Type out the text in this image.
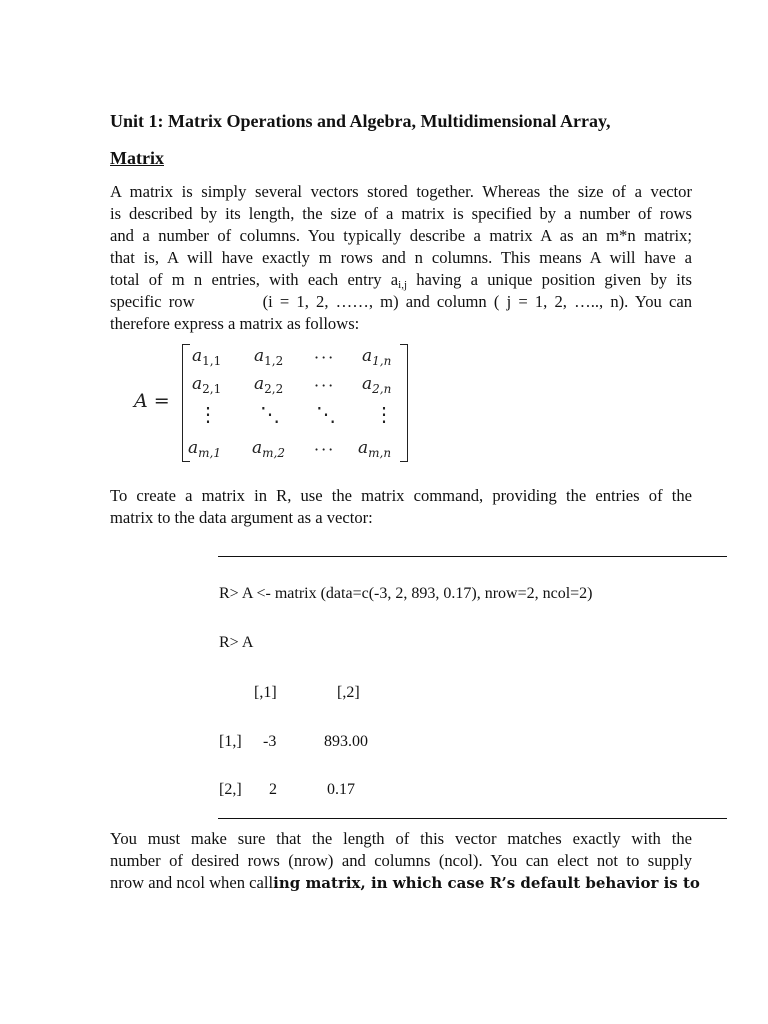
Unit 1: Matrix Operations and Algebra, Multidimensional Array,
Matrix
A matrix is simply several vectors stored together. Whereas the size of a vector
is described by its length, the size of a matrix is specified by a number of rows
and a number of columns. You typically describe a matrix A as an m*n matrix;
that is, A will have exactly m rows and n columns. This means A will have a
total of m n entries, with each entry $a_{i,j}$ having a unique position given by its
specific row	(i = 1, 2, ……, m) and column ( j = 1, 2, ….., n). You can
therefore express a matrix as follows:
A =
$a_{1,1}$ $a_{1,2}$ ··· $a_{1,n}$
$a_{2,1}$ $a_{2,2}$ ··· $a_{2,n}$
⋮ ⋱ ⋱ ⋮
$a_{m,1}$ $a_{m,2}$ ··· $a_{m,n}$
To create a matrix in R, use the matrix command, providing the entries of the
matrix to the data argument as a vector:
R> A <- matrix (data=c(-3, 2, 893, 0.17), nrow=2, ncol=2)
R> A
[,1]	[,2]
[1,] -3	893.00
[2,] 2	0.17
You must make sure that the length of this vector matches exactly with the
number of desired rows (nrow) and columns (ncol). You can elect not to supply
nrow and ncol when calling matrix, in which case R’s default behavior is to
